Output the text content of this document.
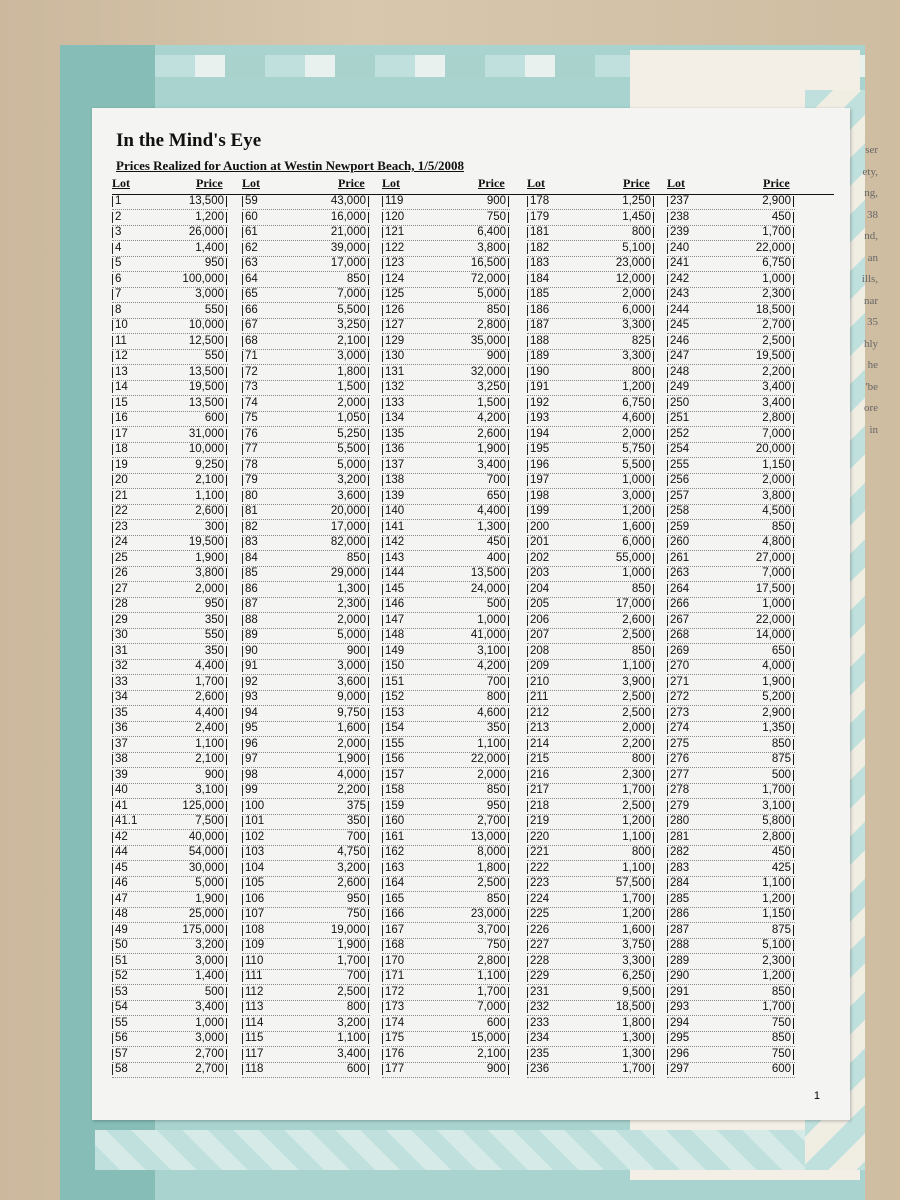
ser
ety,
ng,
38
nd,
an
ills,
nar
35
hly
he
'be
ore
in
In the Mind's Eye
Prices Realized for Auction at Westin Newport Beach, 1/5/2008
Lot	Price
1	13,500
2	1,200
3	26,000
4	1,400
5	950
6	100,000
7	3,000
8	550
10	10,000
11	12,500
12	550
13	13,500
14	19,500
15	13,500
16	600
17	31,000
18	10,000
19	9,250
20	2,100
21	1,100
22	2,600
23	300
24	19,500
25	1,900
26	3,800
27	2,000
28	950
29	350
30	550
31	350
32	4,400
33	1,700
34	2,600
35	4,400
36	2,400
37	1,100
38	2,100
39	900
40	3,100
41	125,000
41.1	7,500
42	40,000
44	54,000
45	30,000
46	5,000
47	1,900
48	25,000
49	175,000
50	3,200
51	3,000
52	1,400
53	500
54	3,400
55	1,000
56	3,000
57	2,700
58	2,700
Lot	Price
59	43,000
60	16,000
61	21,000
62	39,000
63	17,000
64	850
65	7,000
66	5,500
67	3,250
68	2,100
71	3,000
72	1,800
73	1,500
74	2,000
75	1,050
76	5,250
77	5,500
78	5,000
79	3,200
80	3,600
81	20,000
82	17,000
83	82,000
84	850
85	29,000
86	1,300
87	2,300
88	2,000
89	5,000
90	900
91	3,000
92	3,600
93	9,000
94	9,750
95	1,600
96	2,000
97	1,900
98	4,000
99	2,200
100	375
101	350
102	700
103	4,750
104	3,200
105	2,600
106	950
107	750
108	19,000
109	1,900
110	1,700
111	700
112	2,500
113	800
114	3,200
115	1,100
117	3,400
118	600
Lot	Price
119	900
120	750
121	6,400
122	3,800
123	16,500
124	72,000
125	5,000
126	850
127	2,800
129	35,000
130	900
131	32,000
132	3,250
133	1,500
134	4,200
135	2,600
136	1,900
137	3,400
138	700
139	650
140	4,400
141	1,300
142	450
143	400
144	13,500
145	24,000
146	500
147	1,000
148	41,000
149	3,100
150	4,200
151	700
152	800
153	4,600
154	350
155	1,100
156	22,000
157	2,000
158	850
159	950
160	2,700
161	13,000
162	8,000
163	1,800
164	2,500
165	850
166	23,000
167	3,700
168	750
170	2,800
171	1,100
172	1,700
173	7,000
174	600
175	15,000
176	2,100
177	900
Lot	Price
178	1,250
179	1,450
181	800
182	5,100
183	23,000
184	12,000
185	2,000
186	6,000
187	3,300
188	825
189	3,300
190	800
191	1,200
192	6,750
193	4,600
194	2,000
195	5,750
196	5,500
197	1,000
198	3,000
199	1,200
200	1,600
201	6,000
202	55,000
203	1,000
204	850
205	17,000
206	2,600
207	2,500
208	850
209	1,100
210	3,900
211	2,500
212	2,500
213	2,000
214	2,200
215	800
216	2,300
217	1,700
218	2,500
219	1,200
220	1,100
221	800
222	1,100
223	57,500
224	1,700
225	1,200
226	1,600
227	3,750
228	3,300
229	6,250
231	9,500
232	18,500
233	1,800
234	1,300
235	1,300
236	1,700
Lot	Price
237	2,900
238	450
239	1,700
240	22,000
241	6,750
242	1,000
243	2,300
244	18,500
245	2,700
246	2,500
247	19,500
248	2,200
249	3,400
250	3,400
251	2,800
252	7,000
254	20,000
255	1,150
256	2,000
257	3,800
258	4,500
259	850
260	4,800
261	27,000
263	7,000
264	17,500
266	1,000
267	22,000
268	14,000
269	650
270	4,000
271	1,900
272	5,200
273	2,900
274	1,350
275	850
276	875
277	500
278	1,700
279	3,100
280	5,800
281	2,800
282	450
283	425
284	1,100
285	1,200
286	1,150
287	875
288	5,100
289	2,300
290	1,200
291	850
293	1,700
294	750
295	850
296	750
297	600
1
